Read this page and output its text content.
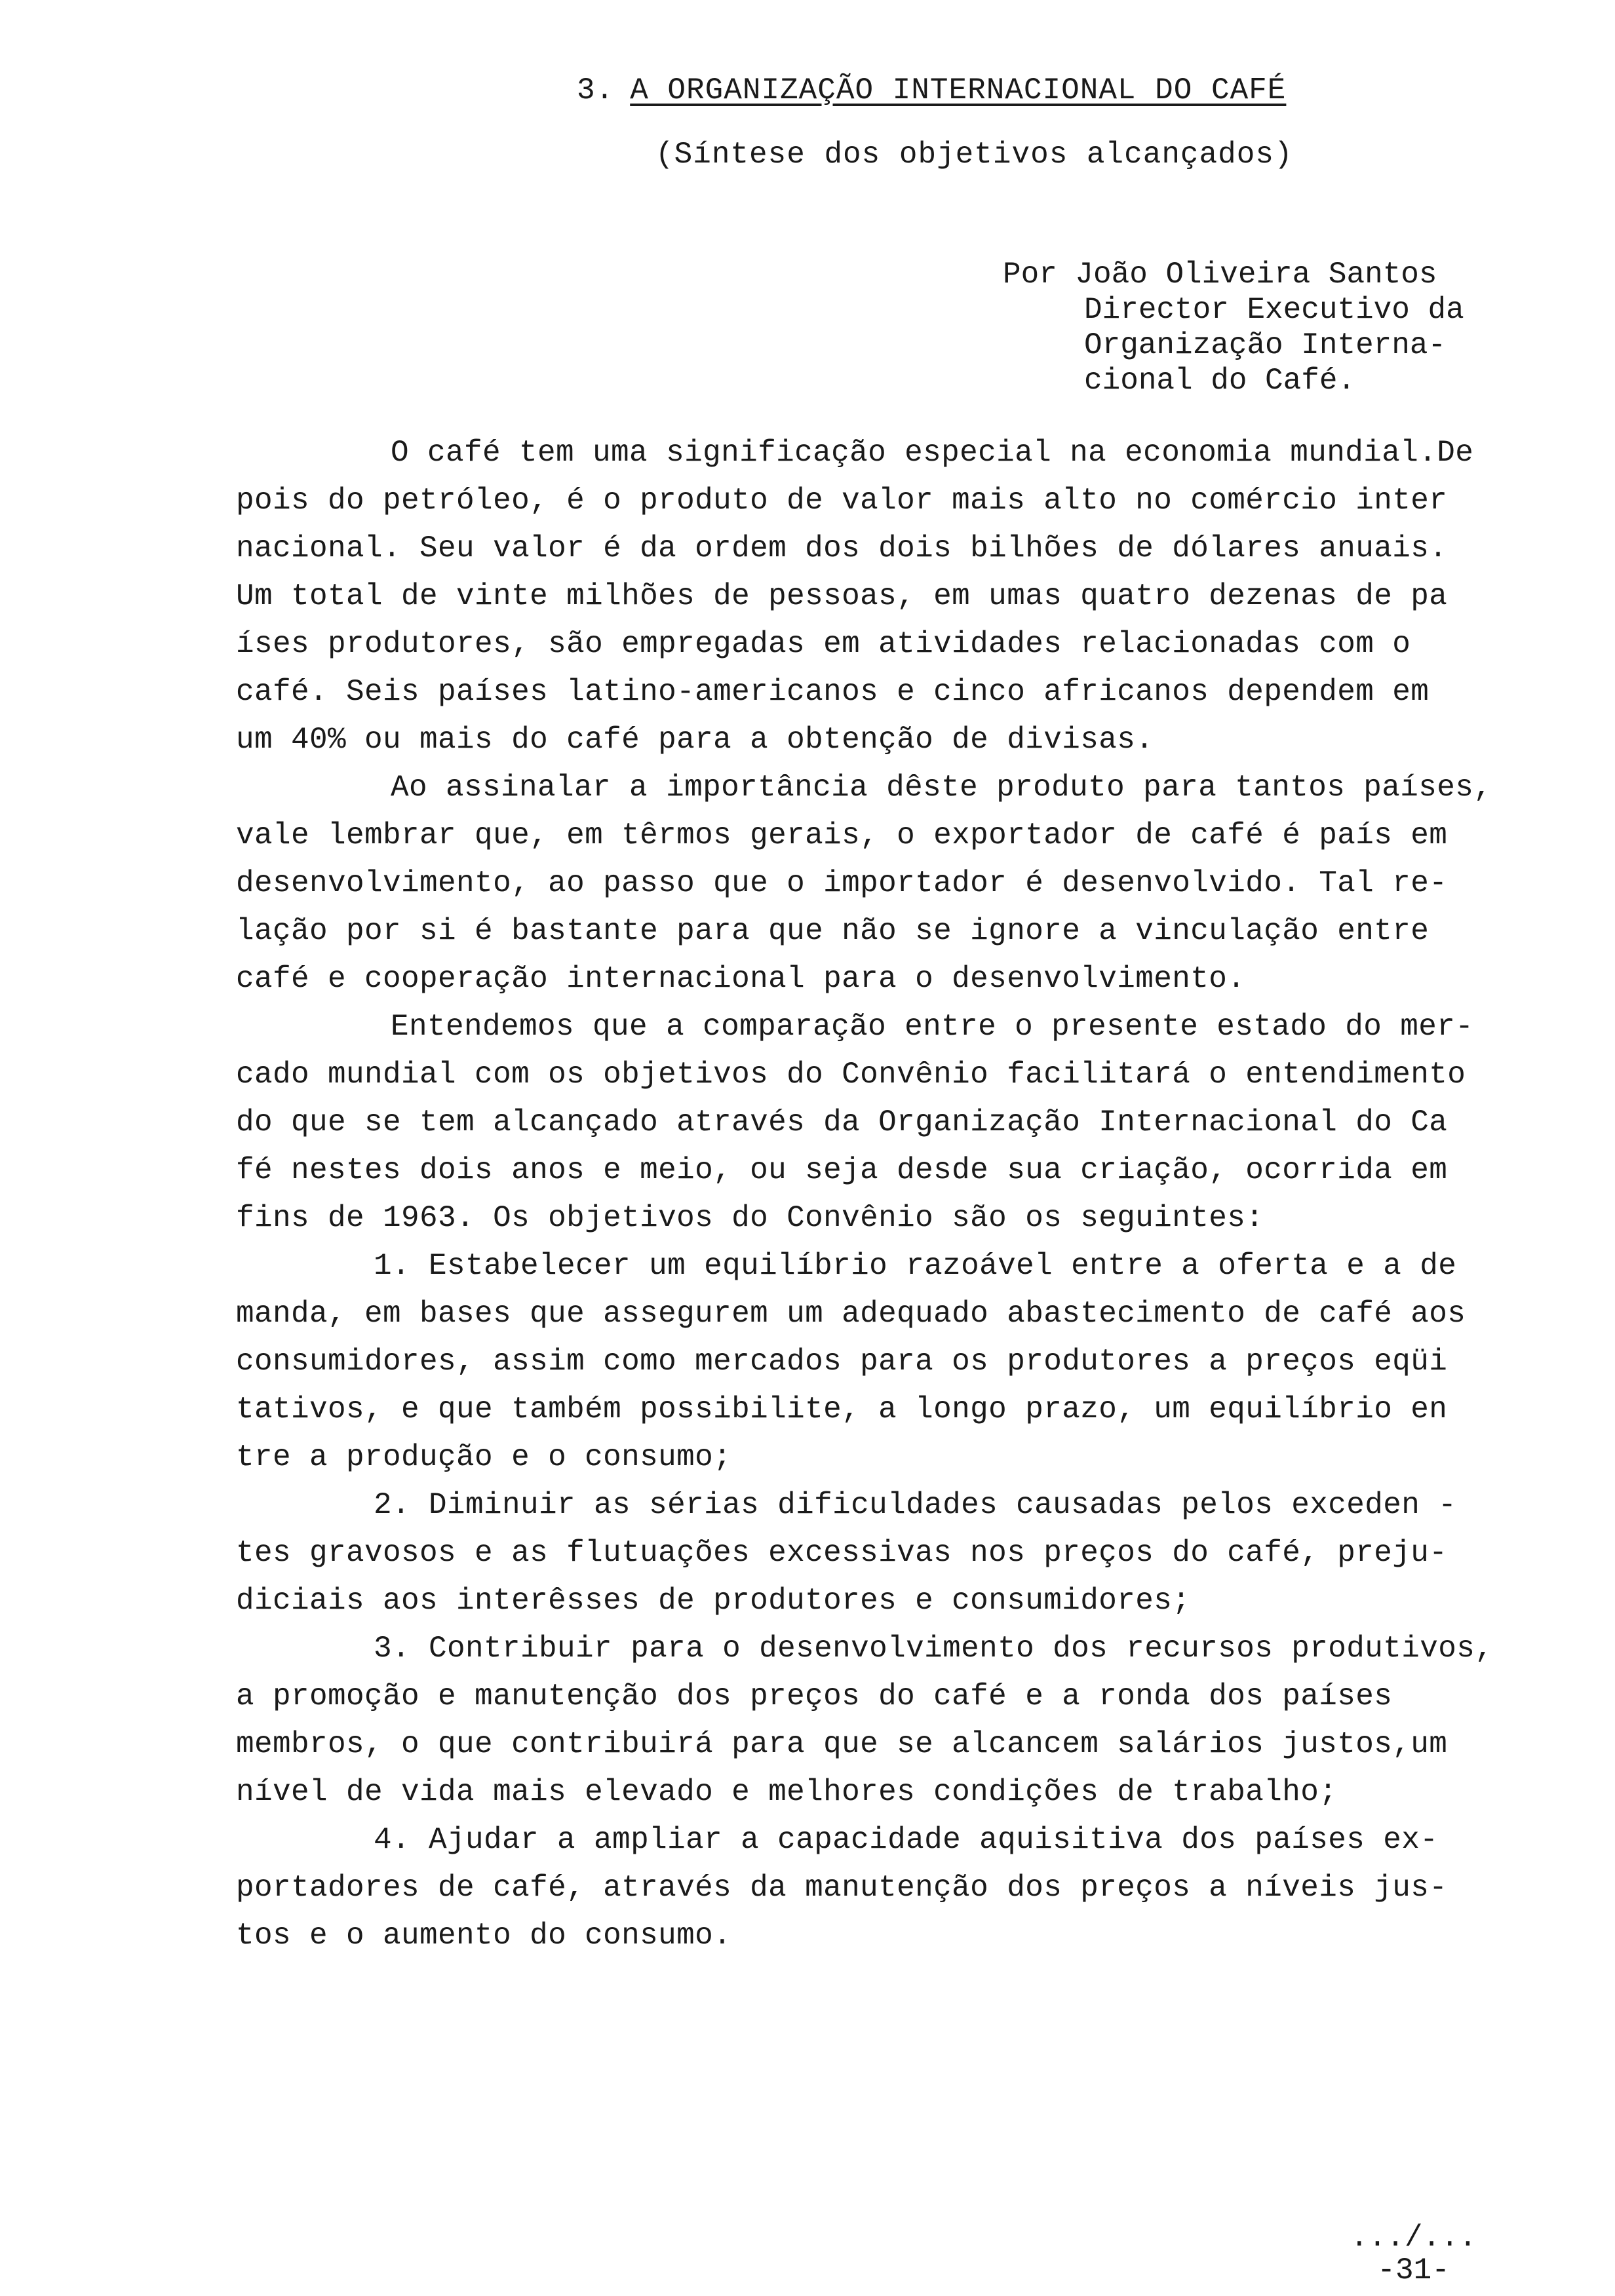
3. A ORGANIZAÇÃO INTERNACIONAL DO CAFÉ
(Síntese dos objetivos alcançados)
Por João Oliveira Santos
Director Executivo da
Organização Interna-
cional do Café.
O café tem uma significação especial na economia mundial.De
pois do petróleo, é o produto de valor mais alto no comércio inter
nacional. Seu valor é da ordem dos dois bilhões de dólares anuais.
Um total de vinte milhões de pessoas, em umas quatro dezenas de pa
íses produtores, são empregadas em atividades relacionadas com o
café. Seis países latino-americanos e cinco africanos dependem em
um 40% ou mais do café para a obtenção de divisas.
Ao assinalar a importância dêste produto para tantos países,
vale lembrar que, em têrmos gerais, o exportador de café é país em
desenvolvimento, ao passo que o importador é desenvolvido. Tal re-
lação por si é bastante para que não se ignore a vinculação entre
café e cooperação internacional para o desenvolvimento.
Entendemos que a comparação entre o presente estado do mer-
cado mundial com os objetivos do Convênio facilitará o entendimento
do que se tem alcançado através da Organização Internacional do Ca
fé nestes dois anos e meio, ou seja desde sua criação, ocorrida em
fins de 1963. Os objetivos do Convênio são os seguintes:
1. Estabelecer um equilíbrio razoável entre a oferta e a de
manda, em bases que assegurem um adequado abastecimento de café aos
consumidores, assim como mercados para os produtores a preços eqüi
tativos, e que também possibilite, a longo prazo, um equilíbrio en
tre a produção e o consumo;
2. Diminuir as sérias dificuldades causadas pelos exceden -
tes gravosos e as flutuações excessivas nos preços do café, preju-
diciais aos interêsses de produtores e consumidores;
3. Contribuir para o desenvolvimento dos recursos produtivos,
a promoção e manutenção dos preços do café e a ronda dos países
membros, o que contribuirá para que se alcancem salários justos,um
nível de vida mais elevado e melhores condições de trabalho;
4. Ajudar a ampliar a capacidade aquisitiva dos países ex-
portadores de café, através da manutenção dos preços a níveis jus-
tos e o aumento do consumo.
.../...
-31-
